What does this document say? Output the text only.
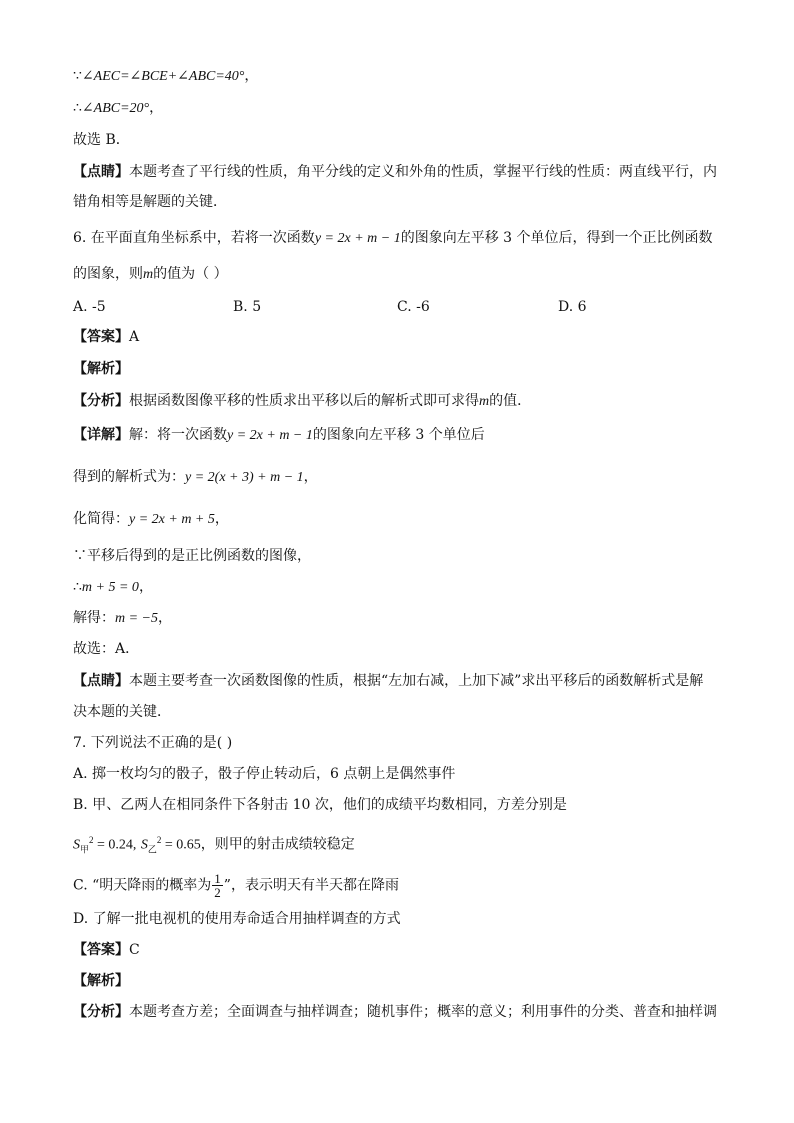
∵∠AEC=∠BCE+∠ABC=40°，
∴∠ABC=20°，
故选 B．
【点睛】本题考查了平行线的性质，角平分线的定义和外角的性质，掌握平行线的性质：两直线平行，内
错角相等是解题的关键．
6. 在平面直角坐标系中，若将一次函数y = 2x + m − 1的图象向左平移 3 个单位后，得到一个正比例函数
的图象，则m的值为（ ）
A. -5	B. 5	C. -6	D. 6
【答案】A
【解析】
【分析】根据函数图像平移的性质求出平移以后的解析式即可求得m的值．
【详解】解：将一次函数y = 2x + m − 1的图象向左平移 3 个单位后
得到的解析式为：y = 2(x + 3) + m − 1，
化简得：y = 2x + m + 5，
∵平移后得到的是正比例函数的图像，
∴m + 5 = 0，
解得：m = −5，
故选：A．
【点睛】本题主要考查一次函数图像的性质，根据“左加右减，上加下减”求出平移后的函数解析式是解
决本题的关键．
7. 下列说法不正确的是( )
A. 掷一枚均匀的骰子，骰子停止转动后，6 点朝上是偶然事件
B. 甲、乙两人在相同条件下各射击 10 次，他们的成绩平均数相同，方差分别是
$S_甲^2 = 0.24$, $S_乙^2 = 0.65$，则甲的射击成绩较稳定
C. “明天降雨的概率为 $\frac{1}{2}$ ”，表示明天有半天都在降雨
D. 了解一批电视机的使用寿命适合用抽样调查的方式
【答案】C
【解析】
【分析】本题考查方差；全面调查与抽样调查；随机事件；概率的意义；利用事件的分类、普查和抽样调
